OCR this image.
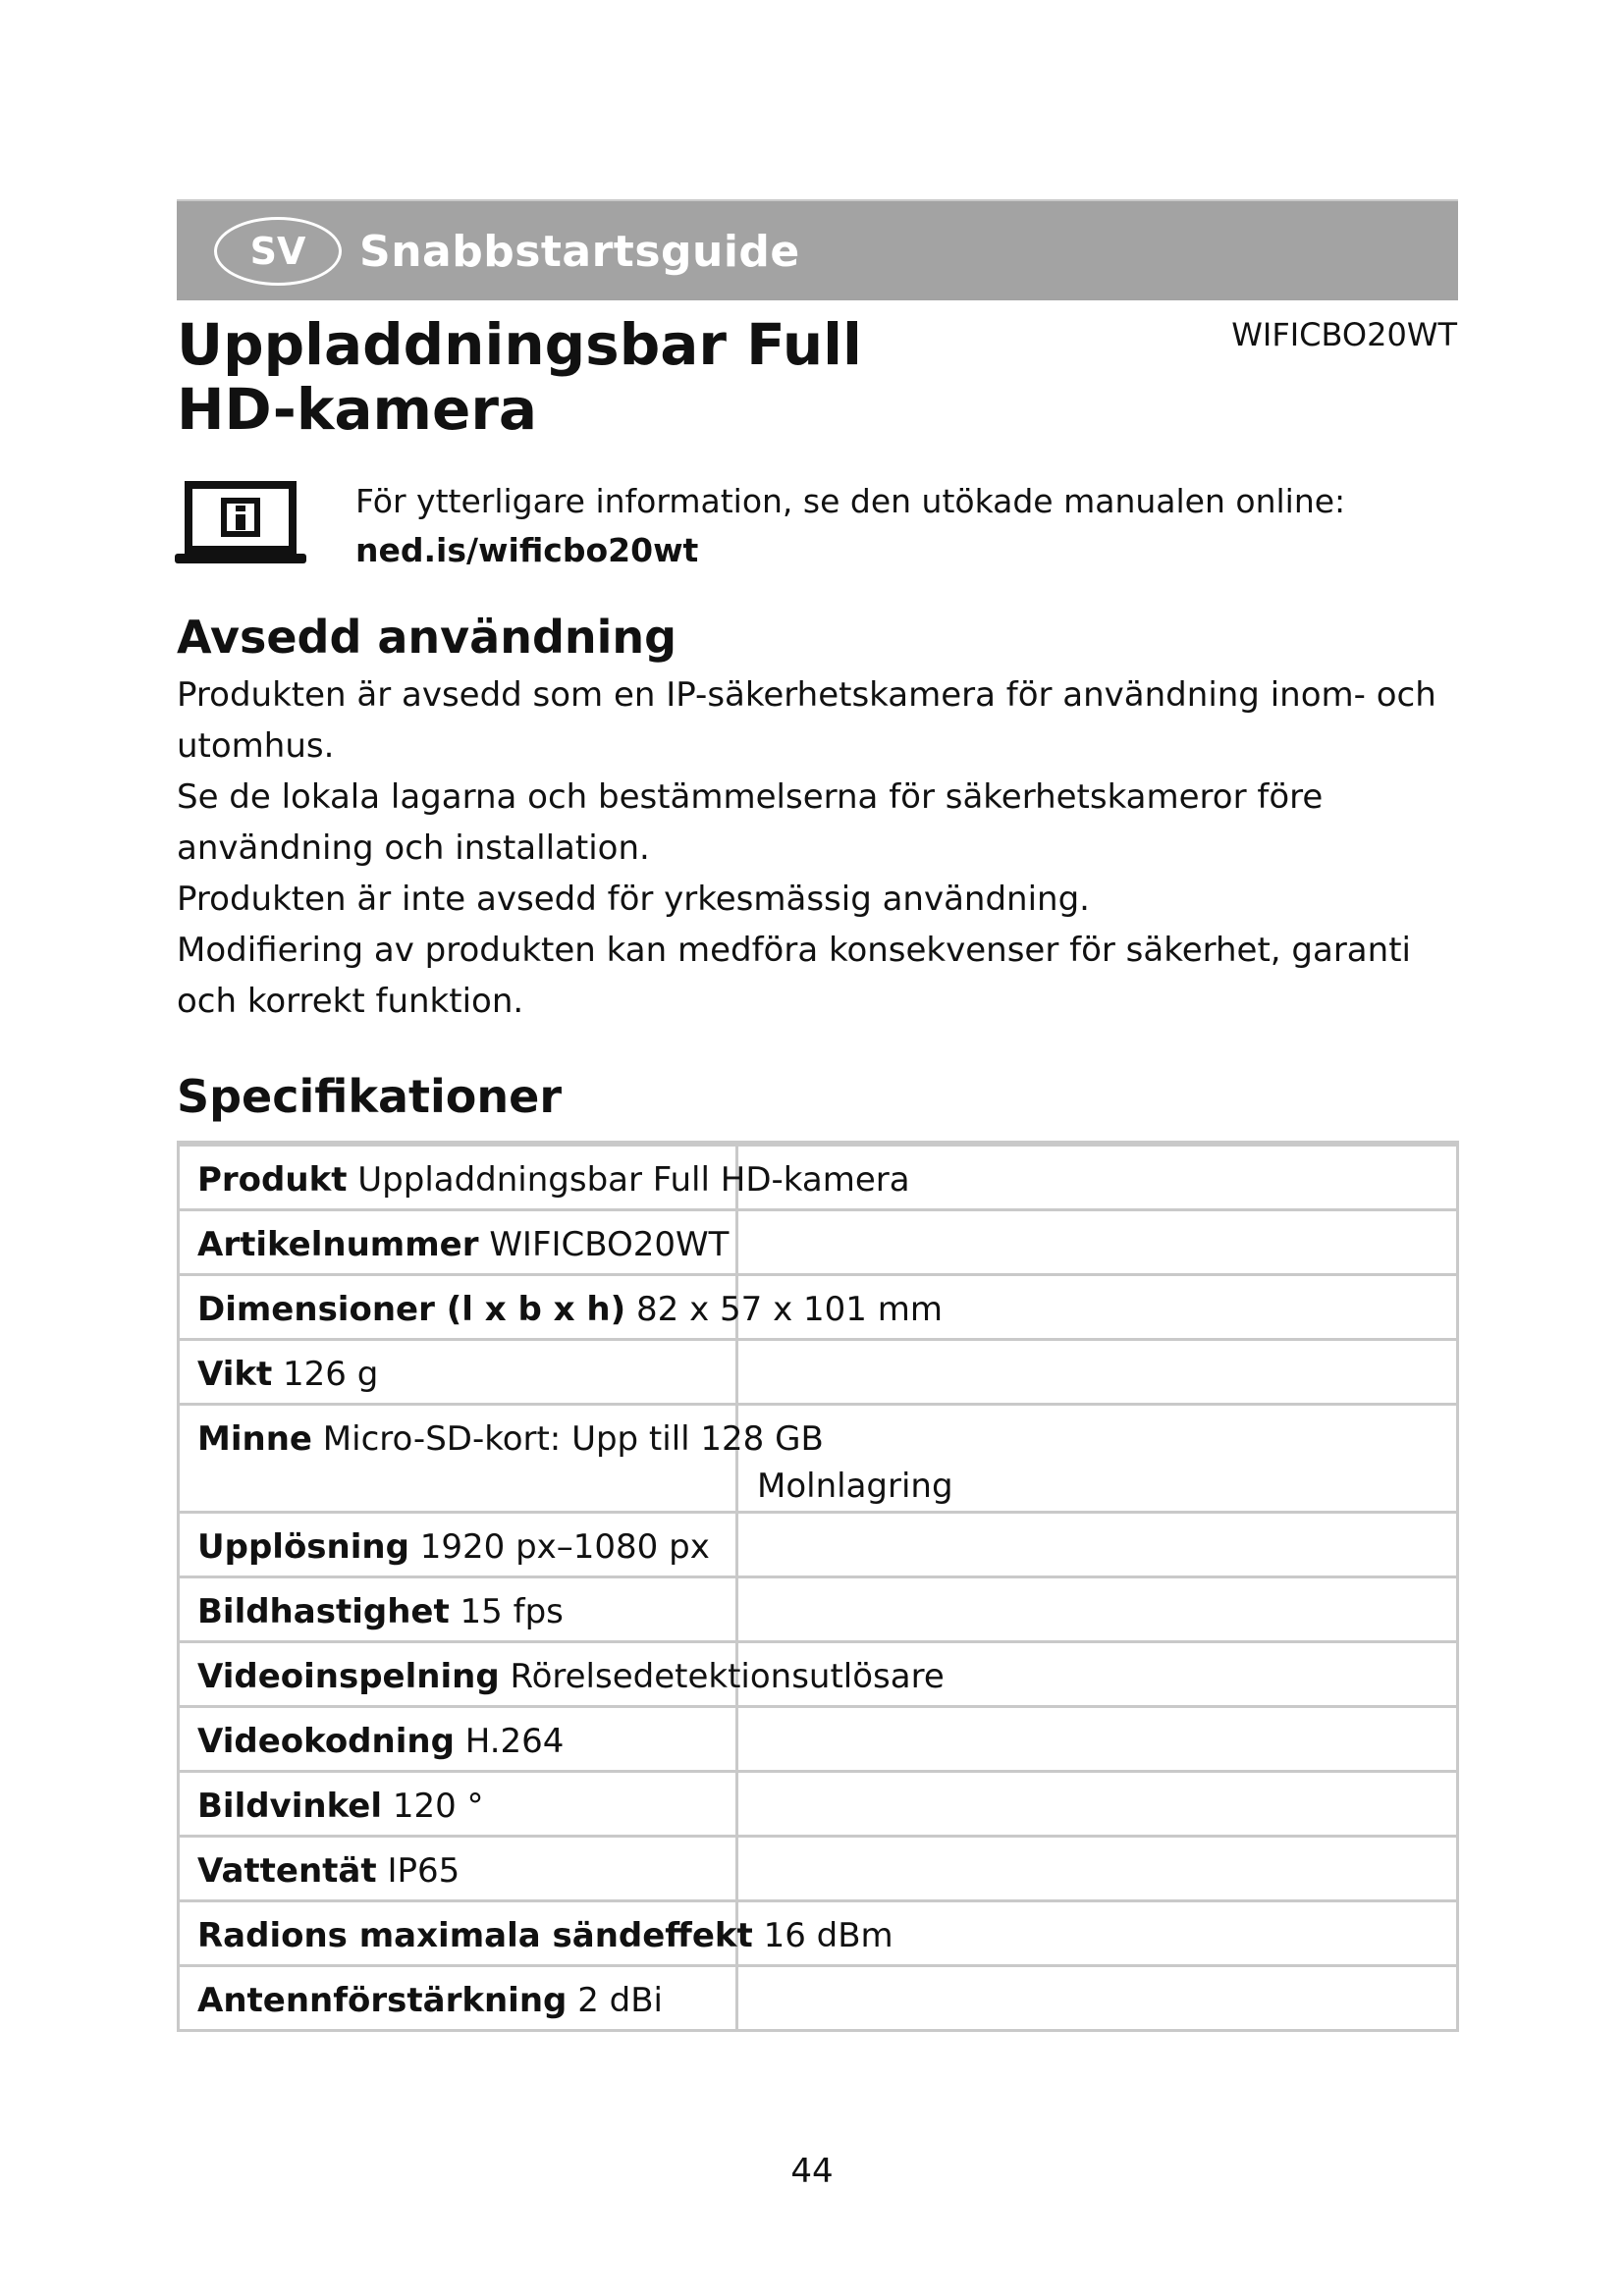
SV	Snabbstartsguide
Uppladdningsbar Full
HD-kamera
WIFICBO20WT
För ytterligare information, se den utökade manualen online:
ned.is/wificbo20wt
Avsedd användning

Produkten är avsedd som en IP-säkerhetskamera för användning inom- och utomhus.

Se de lokala lagarna och bestämmelserna för säkerhetskameror före användning och installation.

Produkten är inte avsedd för yrkesmässig användning.

Modifiering av produkten kan medföra konsekvenser för säkerhet, garanti och korrekt funktion.

Specifikationer
Produkt Uppladdningsbar Full HD-kamera
Artikelnummer WIFICBO20WT
Dimensioner (l x b x h) 82 x 57 x 101 mm
Vikt 126 g
Minne Micro-SD-kort: Upp till 128 GB
Molnlagring
Upplösning 1920 px–1080 px
Bildhastighet 15 fps
Videoinspelning Rörelsedetektionsutlösare
Videokodning H.264
Bildvinkel 120 °
Vattentät IP65
Radions maximala sändeffekt 16 dBm
Antennförstärkning 2 dBi
44
